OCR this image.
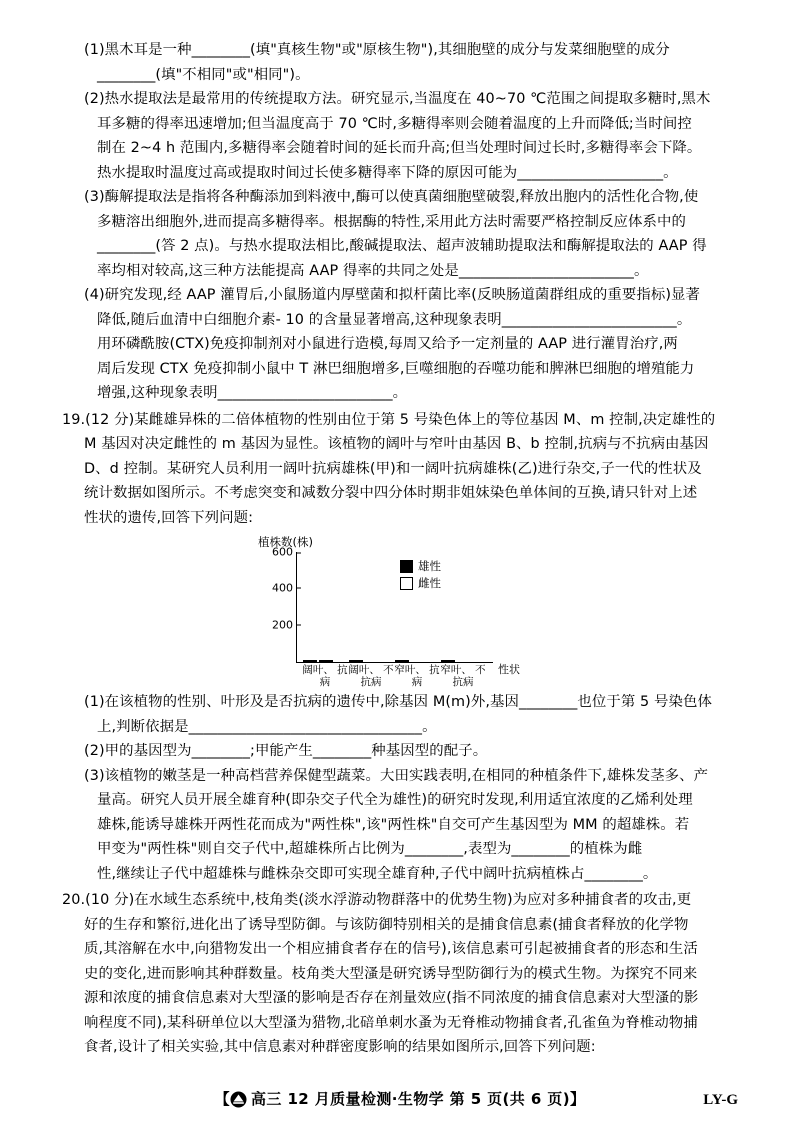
(1)黑木耳是一种________(填"真核生物"或"原核生物"),其细胞壁的成分与发菜细胞壁的成分
________(填"不相同"或"相同")。
(2)热水提取法是最常用的传统提取方法。研究显示,当温度在 40~70 ℃范围之间提取多糖时,黑木
耳多糖的得率迅速增加;但当温度高于 70 ℃时,多糖得率则会随着温度的上升而降低;当时间控
制在 2~4 h 范围内,多糖得率会随着时间的延长而升高;但当处理时间过长时,多糖得率会下降。
热水提取时温度过高或提取时间过长使多糖得率下降的原因可能为____________________。
(3)酶解提取法是指将各种酶添加到料液中,酶可以使真菌细胞壁破裂,释放出胞内的活性化合物,使
多糖溶出细胞外,进而提高多糖得率。根据酶的特性,采用此方法时需要严格控制反应体系中的
________(答 2 点)。与热水提取法相比,酸碱提取法、超声波辅助提取法和酶解提取法的 AAP 得
率均相对较高,这三种方法能提高 AAP 得率的共同之处是________________________。
(4)研究发现,经 AAP 灌胃后,小鼠肠道内厚壁菌和拟杆菌比率(反映肠道菌群组成的重要指标)显著
降低,随后血清中白细胞介素- 10 的含量显著增高,这种现象表明________________________。
用环磷酰胺(CTX)免疫抑制剂对小鼠进行造模,每周又给予一定剂量的 AAP 进行灌胃治疗,两
周后发现 CTX 免疫抑制小鼠中 T 淋巴细胞增多,巨噬细胞的吞噬功能和脾淋巴细胞的增殖能力
增强,这种现象表明________________________。
19.(12 分)某雌雄异株的二倍体植物的性别由位于第 5 号染色体上的等位基因 M、m 控制,决定雄性的
M 基因对决定雌性的 m 基因为显性。该植物的阔叶与窄叶由基因 B、b 控制,抗病与不抗病由基因
D、d 控制。某研究人员利用一阔叶抗病雄株(甲)和一阔叶抗病雄株(乙)进行杂交,子一代的性状及
统计数据如图所示。不考虑突变和减数分裂中四分体时期非姐妹染色单体间的互换,请只针对上述
性状的遗传,回答下列问题:
植株数(株)
雄性
雌性
200
400
600
阔叶、 抗病
阔叶、 不抗病
窄叶、 抗病
窄叶、 不抗病
性状
(1)在该植物的性别、叶形及是否抗病的遗传中,除基因 M(m)外,基因________也位于第 5 号染色体
上,判断依据是________________________________。
(2)甲的基因型为________;甲能产生________种基因型的配子。
(3)该植物的嫩茎是一种高档营养保健型蔬菜。大田实践表明,在相同的种植条件下,雄株发茎多、产
量高。研究人员开展全雄育种(即杂交子代全为雄性)的研究时发现,利用适宜浓度的乙烯利处理
雄株,能诱导雄株开两性花而成为"两性株",该"两性株"自交可产生基因型为 MM 的超雄株。若
甲变为"两性株"则自交子代中,超雄株所占比例为________,表型为________的植株为雌
性,继续让子代中超雄株与雌株杂交即可实现全雄育种,子代中阔叶抗病植株占________。
20.(10 分)在水域生态系统中,枝角类(淡水浮游动物群落中的优势生物)为应对多种捕食者的攻击,更
好的生存和繁衍,进化出了诱导型防御。与该防御特别相关的是捕食信息素(捕食者释放的化学物
质,其溶解在水中,向猎物发出一个相应捕食者存在的信号),该信息素可引起被捕食者的形态和生活
史的变化,进而影响其种群数量。枝角类大型溞是研究诱导型防御行为的模式生物。为探究不同来
源和浓度的捕食信息素对大型溞的影响是否存在剂量效应(指不同浓度的捕食信息素对大型溞的影
响程度不同),某科研单位以大型溞为猎物,北碚单刺水蚤为无脊椎动物捕食者,孔雀鱼为脊椎动物捕
食者,设计了相关实验,其中信息素对种群密度影响的结果如图所示,回答下列问题:
【 高三 12 月质量检测·生物学 第 5 页(共 6 页)】	LY-G
